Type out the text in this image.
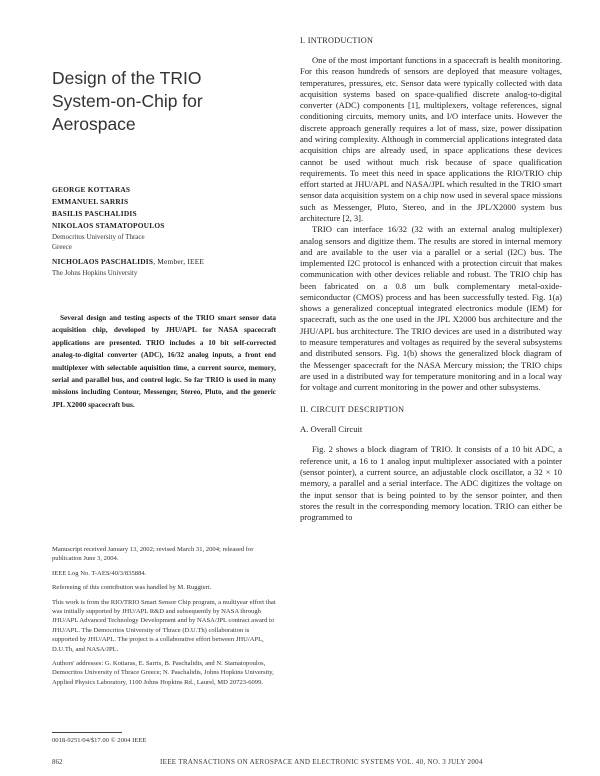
Design of the TRIO
System-on-Chip for Aerospace
GEORGE KOTTARAS
EMMANUEL SARRIS
BASILIS PASCHALIDIS
NIKOLAOS STAMATOPOULOS
Democritos University of Thrace
Greece
NICHOLAOS PASCHALIDIS, Member, IEEE
The Johns Hopkins University
Several design and testing aspects of the TRIO smart sensor data acquisition chip, developed by JHU/APL for NASA spacecraft applications are presented. TRIO includes a 10 bit self-corrected analog-to-digital converter (ADC), 16/32 analog inputs, a front end multiplexer with selectable aquisition time, a current source, memory, serial and parallel bus, and control logic. So far TRIO is used in many missions including Contour, Messenger, Stereo, Pluto, and the generic JPL X2000 spacecraft bus.

Manuscript received January 13, 2002; revised March 31, 2004; released for publication June 3, 2004.

IEEE Log No. T-AES/40/3/835884.

Refereeing of this contribution was handled by M. Ruggieri.

This work is from the RIO/TRIO Smart Sensor Chip program, a multiyear effort that was initially supported by JHU/APL R&D and subsequently by NASA through JHU/APL Advanced Technology Development and by NASA/JPL contract award to JHU/APL. The Democritos University of Thrace (D.U.Th) collaboration is supported by JHU/APL. The project is a collaborative effort between JHU/APL, D.U.Th, and NASA/JPL.

Authors' addresses: G. Kottaras, E. Sarris, B. Paschalidis, and N. Stamatopoulos, Democritos University of Thrace Greece; N. Paschalidis, Johns Hopkins University, Applied Physics Laboratory, 1100 Johns Hopkins Rd., Laurel, MD 20723-6099.

0018-9251/04/$17.00 © 2004 IEEE
I. INTRODUCTION

One of the most important functions in a spacecraft is health monitoring. For this reason hundreds of sensors are deployed that measure voltages, temperatures, pressures, etc. Sensor data were typically collected with data acquisition systems based on space-qualified discrete analog-to-digital converter (ADC) components [1], multiplexers, voltage references, signal conditioning circuits, memory units, and I/O interface units. However the discrete approach generally requires a lot of mass, size, power dissipation and wiring complexity. Although in commercial applications integrated data acquisition chips are already used, in space applications these devices cannot be used without much risk because of space qualification requirements. To meet this need in space applications the RIO/TRIO chip effort started at JHU/APL and NASA/JPL which resulted in the TRIO smart sensor data acquisition system on a chip now used in several space missions such as Messenger, Pluto, Stereo, and in the JPL/X2000 system bus architecture [2, 3].

TRIO can interface 16/32 (32 with an external analog multiplexer) analog sensors and digitize them. The results are stored in internal memory and are available to the user via a parallel or a serial (I2C) bus. The implemented I2C protocol is enhanced with a protection circuit that makes communication with other devices reliable and robust. The TRIO chip has been fabricated on a 0.8 um bulk complementary metal-oxide-semiconductor (CMOS) process and has been successfully tested. Fig. 1(a) shows a generalized conceptual integrated electronics module (IEM) for spacecraft, such as the one used in the JPL X2000 bus architecture and the JHU/APL bus architecture. The TRIO devices are used in a distributed way to measure temperatures and voltages as required by the several subsystems and distributed sensors. Fig. 1(b) shows the generalized block diagram of the Messenger spacecraft for the NASA Mercury mission; the TRIO chips are used in a distributed way for temperature monitoring and in a local way for voltage and current monitoring in the power and other subsystems.

II. CIRCUIT DESCRIPTION
A. Overall Circuit

Fig. 2 shows a block diagram of TRIO. It consists of a 10 bit ADC, a reference unit, a 16 to 1 analog input multiplexer associated with a pointer (sensor pointer), a current source, an adjustable clock oscillator, a 32 × 10 memory, a parallel and a serial interface. The ADC digitizes the voltage on the input sensor that is being pointed to by the sensor pointer, and then stores the result in the corresponding memory location. TRIO can either be programmed to

862	IEEE TRANSACTIONS ON AEROSPACE AND ELECTRONIC SYSTEMS VOL. 40, NO. 3 JULY 2004
